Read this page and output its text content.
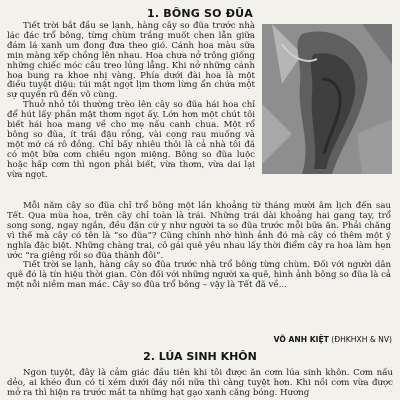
1. BÔNG SO ĐŨA

Tiết trời bắt đầu se lạnh, hàng cây so đũa trước nhà lác đác trổ bông, từng chùm trắng muốt chen lẫn giữa đám lá xanh um đong đưa theo gió. Cánh hoa màu sữa mịn màng xếp chồng lên nhau. Hoa chưa nở trông giống những chiếc móc câu treo lủng lẳng. Khi nở những cánh hoa bung ra khoe nhị vàng. Phía dưới đài hoa là một điều tuyệt diệu: túi mật ngọt lịm thơm lừng ẩn chứa một sự quyến rũ đến vô cùng.

Thuở nhỏ tôi thường trèo lên cây so đũa hái hoa chỉ để hút lấy phần mật thơm ngọt ấy. Lớn hơn một chút tôi biết hái hoa mang về cho mẹ nấu canh chua. Một rổ bông so đũa, ít trái đậu rồng, vài cọng rau muống và một mớ cá rô đồng. Chỉ bấy nhiêu thôi là cả nhà tôi đã có một bữa cơm chiều ngon miệng. Bông so đũa luộc hoặc hấp cơm thì ngon phải biết, vừa thơm, vừa dai lại vừa ngọt.

Mỗi năm cây so đũa chỉ trổ bông một lần khoảng từ tháng mười âm lịch đến sau Tết. Qua mùa hoa, trên cây chỉ toàn là trái. Những trái dài khoảng hai gang tay, trổ song song, ngay ngắn, đều đặn cứ y như người ta so đũa trước mỗi bữa ăn. Phải chăng vì thế mà cây có tên là “so đũa”? Cũng chính nhờ hình ảnh đó mà cây có thêm một ý nghĩa đặc biệt. Những chàng trai, cô gái quê yêu nhau lấy thời điểm cây ra hoa làm hẹn ước “ra giêng rồi so đũa thành đôi”.

Tiết trời se lạnh, hàng cây so đũa trước nhà trổ bông từng chùm. Đối với người dân quê đó là tín hiệu thời gian. Còn đối với những người xa quê, hình ảnh bông so đũa là cả một nỗi niềm man mác. Cây so đũa trổ bông – vậy là Tết đã về...

VÕ ANH KIỆT (ĐHKHXH & NV)
2. LÚA SINH KHÔN

Ngon tuyệt, đây là cảm giác đầu tiên khi tôi được ăn cơm lúa sinh khôn. Cơm nấu dẻo, ai khéo đun có tí xém dưới đáy nồi nữa thì càng tuyệt hơn. Khi nồi cơm vừa được mở ra thì hiện ra trước mắt ta những hạt gạo xanh căng bóng. Hương
